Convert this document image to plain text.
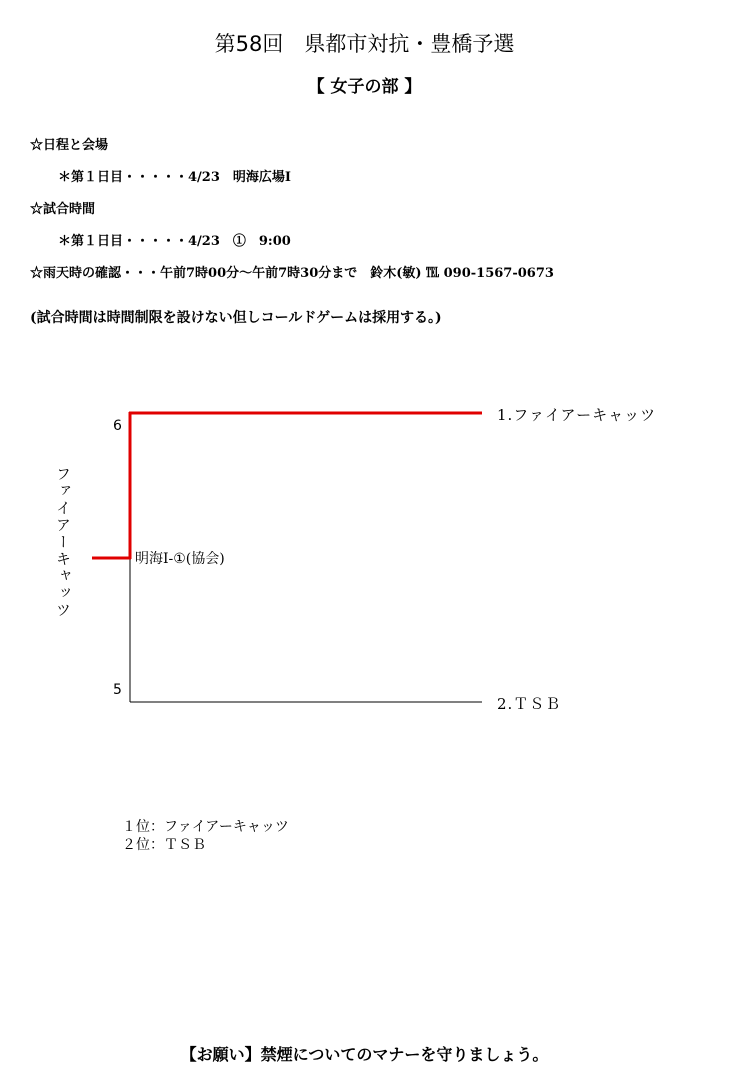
第58回　県都市対抗・豊橋予選
【 女子の部 】
☆日程と会場
＊第１日目・・・・・4/23　明海広場Ⅰ
☆試合時間
＊第１日目・・・・・4/23　①　9:00
☆雨天時の確認・・・午前7時00分～午前7時30分まで　鈴木(敏) ℡ 090-1567-0673
(試合時間は時間制限を設けない但しコールドゲームは採用する。)
6
5
1.ファイアーキャッツ
2.ＴＳＢ
明海Ⅰ-①(協会)
ファイアーキャッツ
１位：ファイアーキャッツ
２位：ＴＳＢ
【お願い】禁煙についてのマナーを守りましょう。
